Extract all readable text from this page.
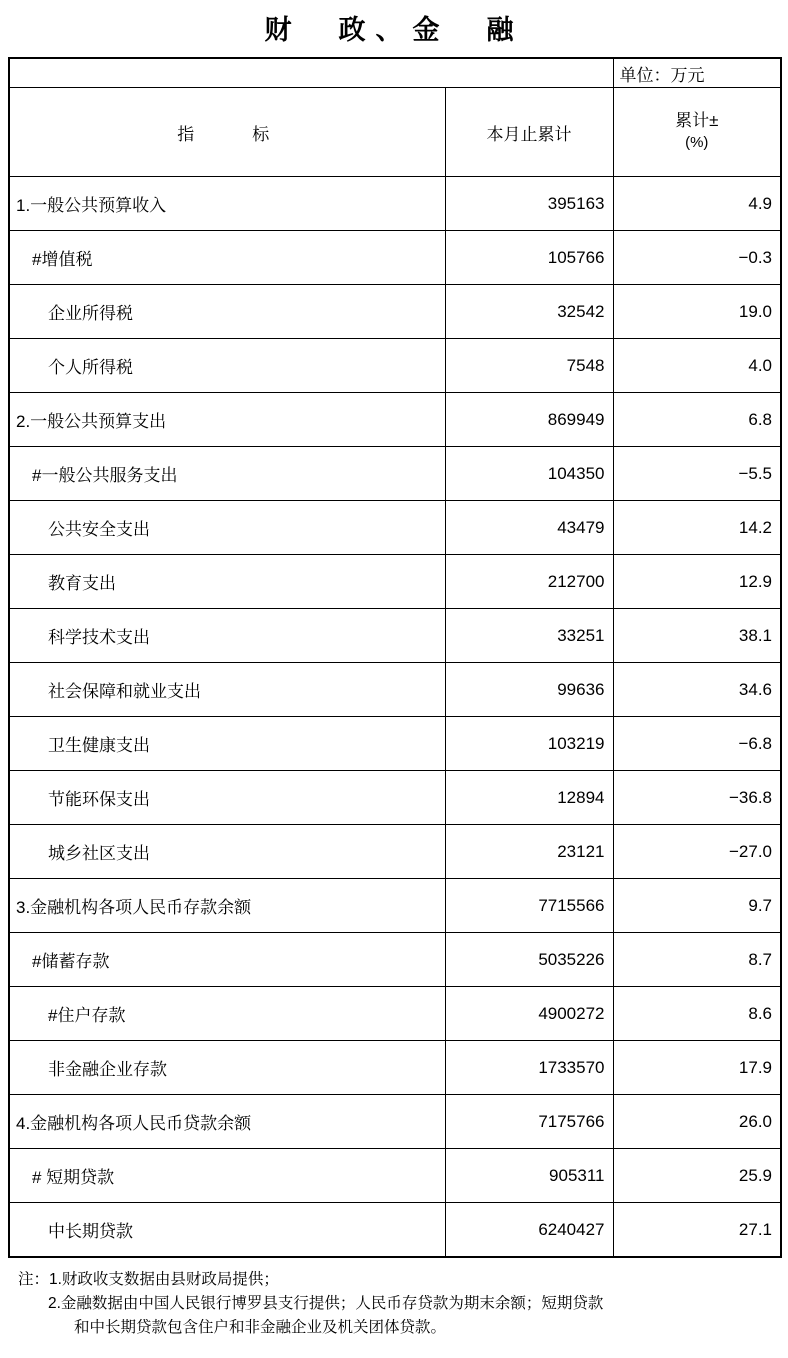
财　政、金　融
		单位：万元
指　　标	本月止累计	累计±
(%)

1.一般公共预算收入	395163	4.9
#增值税	105766	−0.3
企业所得税	32542	19.0
个人所得税	7548	4.0
2.一般公共预算支出	869949	6.8
#一般公共服务支出	104350	−5.5
公共安全支出	43479	14.2
教育支出	212700	12.9
科学技术支出	33251	38.1
社会保障和就业支出	99636	34.6
卫生健康支出	103219	−6.8
节能环保支出	12894	−36.8
城乡社区支出	23121	−27.0
3.金融机构各项人民币存款余额	7715566	9.7
#储蓄存款	5035226	8.7
#住户存款	4900272	8.6
非金融企业存款	1733570	17.9
4.金融机构各项人民币贷款余额	7175766	26.0
# 短期贷款	905311	25.9
中长期贷款	6240427	27.1
注：1.财政收支数据由县财政局提供；
2.金融数据由中国人民银行博罗县支行提供；人民币存贷款为期末余额；短期贷款
和中长期贷款包含住户和非金融企业及机关团体贷款。
